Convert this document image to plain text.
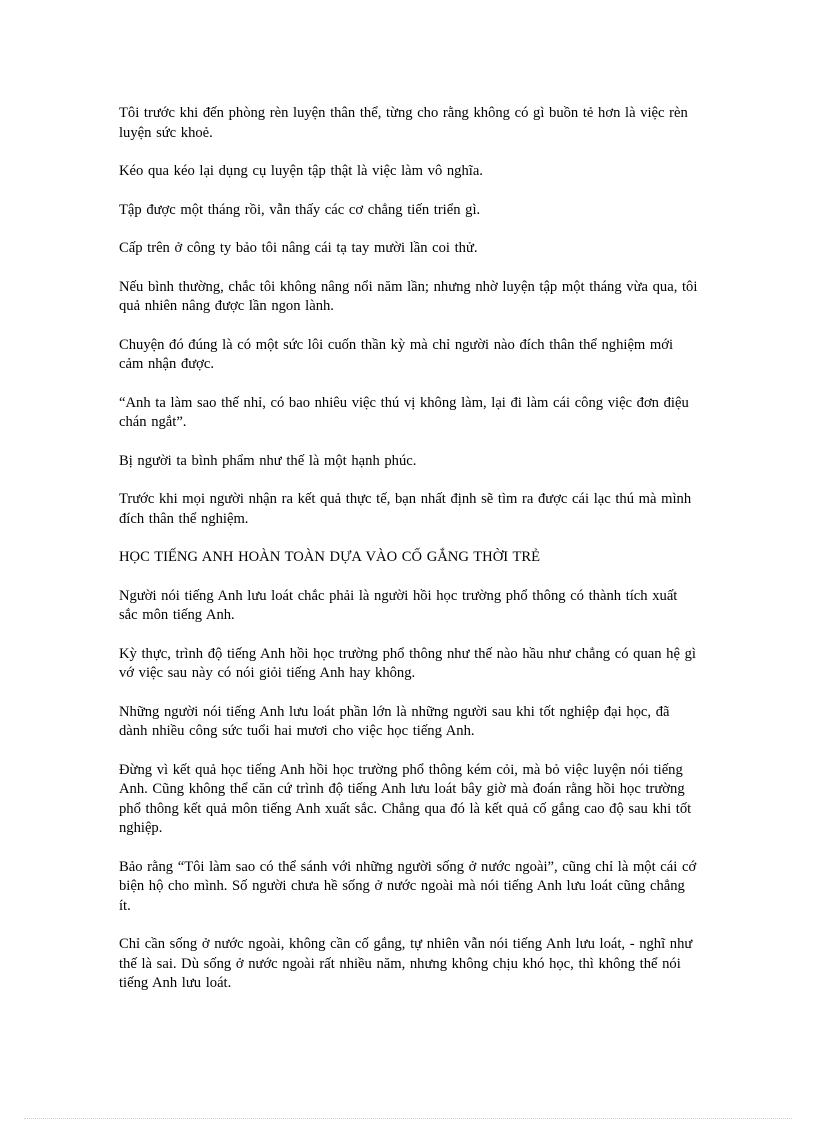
Tôi trước khi đến phòng rèn luyện thân thể, từng cho rằng không có gì buồn tẻ hơn là việc rèn luyện sức khoẻ.

Kéo qua kéo lại dụng cụ luyện tập thật là việc làm vô nghĩa.

Tập được một tháng rồi, vẫn thấy các cơ chẳng tiến triển gì.

Cấp trên ở công ty bảo tôi nâng cái tạ tay mười lần coi thử.

Nếu bình thường, chắc tôi không nâng nổi năm lần; nhưng nhờ luyện tập một tháng vừa qua, tôi quả nhiên nâng được lần ngon lành.

Chuyện đó đúng là có một sức lôi cuốn thần kỳ mà chỉ người nào đích thân thể nghiệm mới cảm nhận được.

“Anh ta làm sao thế nhỉ, có bao nhiêu việc thú vị không làm, lại đi làm cái công việc đơn điệu chán ngắt”.

Bị người ta bình phẩm như thế là một hạnh phúc.

Trước khi mọi người nhận ra kết quả thực tế, bạn nhất định sẽ tìm ra được cái lạc thú mà mình đích thân thể nghiệm.

HỌC TIẾNG ANH HOÀN TOÀN DỰA VÀO CỐ GẮNG THỜI TRẺ

Người nói tiếng Anh lưu loát chắc phải là người hồi học trường phổ thông có thành tích xuất sắc môn tiếng Anh.

Kỳ thực, trình độ tiếng Anh hồi học trường phổ thông như thế nào hầu như chẳng có quan hệ gì vớ việc sau này có nói giỏi tiếng Anh hay không.

Những người nói tiếng Anh lưu loát phần lớn là những người sau khi tốt nghiệp đại học, đã dành nhiều công sức tuổi hai mươi cho việc học tiếng Anh.

Đừng vì kết quả học tiếng Anh hồi học trường phổ thông kém cỏi, mà bỏ việc luyện nói tiếng Anh. Cũng không thể căn cứ trình độ tiếng Anh lưu loát bây giờ mà đoán rằng hồi học trường phổ thông kết quả môn tiếng Anh xuất sắc. Chẳng qua đó là kết quả cố gắng cao độ sau khi tốt nghiệp.

Bảo rằng “Tôi làm sao có thể sánh với những người sống ở nước ngoài”, cũng chỉ là một cái cớ biện hộ cho mình. Số người chưa hề sống ở nước ngoài mà nói tiếng Anh lưu loát cũng chẳng ít.

Chỉ cần sống ở nước ngoài, không cần cố gắng, tự nhiên vẫn nói tiếng Anh lưu loát, - nghĩ như thế là sai. Dù sống ở nước ngoài rất nhiều năm, nhưng không chịu khó học, thì không thể nói tiếng Anh lưu loát.
